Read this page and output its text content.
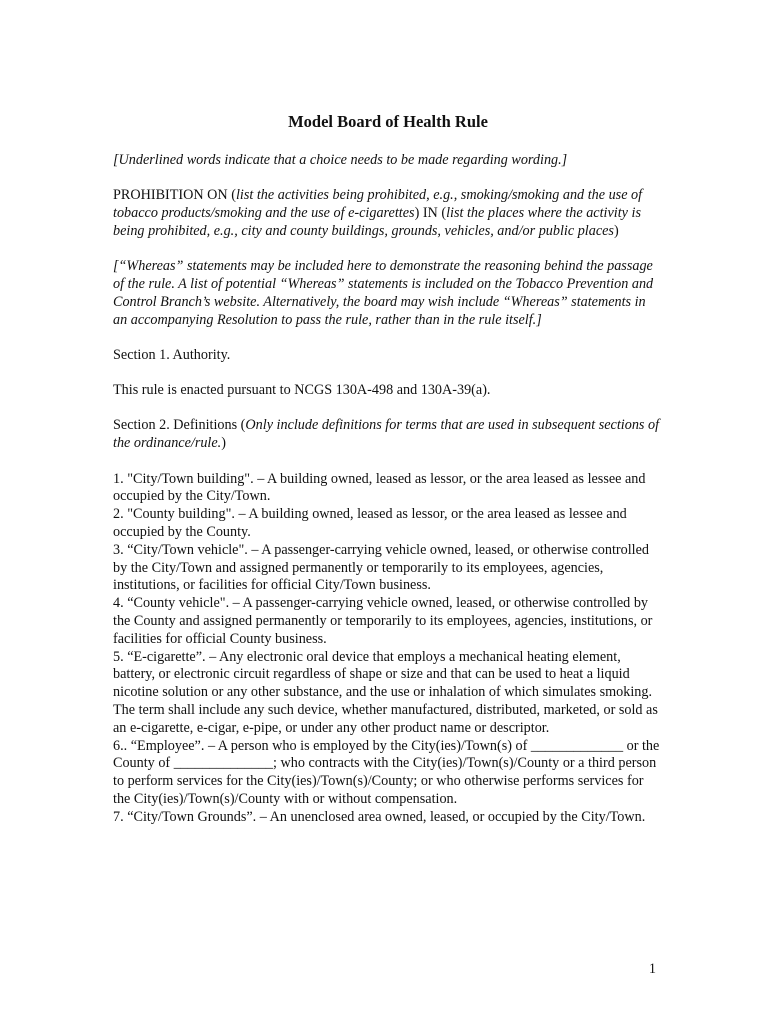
Model Board of Health Rule

[Underlined words indicate that a choice needs to be made regarding wording.]

PROHIBITION ON (list the activities being prohibited, e.g., smoking/smoking and the use of tobacco products/smoking and the use of e-cigarettes) IN (list the places where the activity is being prohibited, e.g., city and county buildings, grounds, vehicles, and/or public places)

[“Whereas” statements may be included here to demonstrate the reasoning behind the passage of the rule. A list of potential “Whereas” statements is included on the Tobacco Prevention and Control Branch’s website. Alternatively, the board may wish include “Whereas” statements in an accompanying Resolution to pass the rule, rather than in the rule itself.]

Section 1. Authority.

This rule is enacted pursuant to NCGS 130A-498 and 130A-39(a).

Section 2. Definitions (Only include definitions for terms that are used in subsequent sections of the ordinance/rule.)

1. "City/Town building". – A building owned, leased as lessor, or the area leased as lessee and occupied by the City/Town.

2. "County building". – A building owned, leased as lessor, or the area leased as lessee and occupied by the County.

3. “City/Town vehicle". – A passenger-carrying vehicle owned, leased, or otherwise controlled by the City/Town and assigned permanently or temporarily to its employees, agencies, institutions, or facilities for official City/Town business.

4. “County vehicle". – A passenger-carrying vehicle owned, leased, or otherwise controlled by the County and assigned permanently or temporarily to its employees, agencies, institutions, or facilities for official County business.

5. “E-cigarette”. – Any electronic oral device that employs a mechanical heating element, battery, or electronic circuit regardless of shape or size and that can be used to heat a liquid nicotine solution or any other substance, and the use or inhalation of which simulates smoking. The term shall include any such device, whether manufactured, distributed, marketed, or sold as an e-cigarette, e-cigar, e-pipe, or under any other product name or descriptor.

6.. “Employee”. – A person who is employed by the City(ies)/Town(s) of _____________ or the County of ______________; who contracts with the City(ies)/Town(s)/County or a third person to perform services for the City(ies)/Town(s)/County; or who otherwise performs services for the City(ies)/Town(s)/County with or without compensation.

7. “City/Town Grounds”. – An unenclosed area owned, leased, or occupied by the City/Town.

1
